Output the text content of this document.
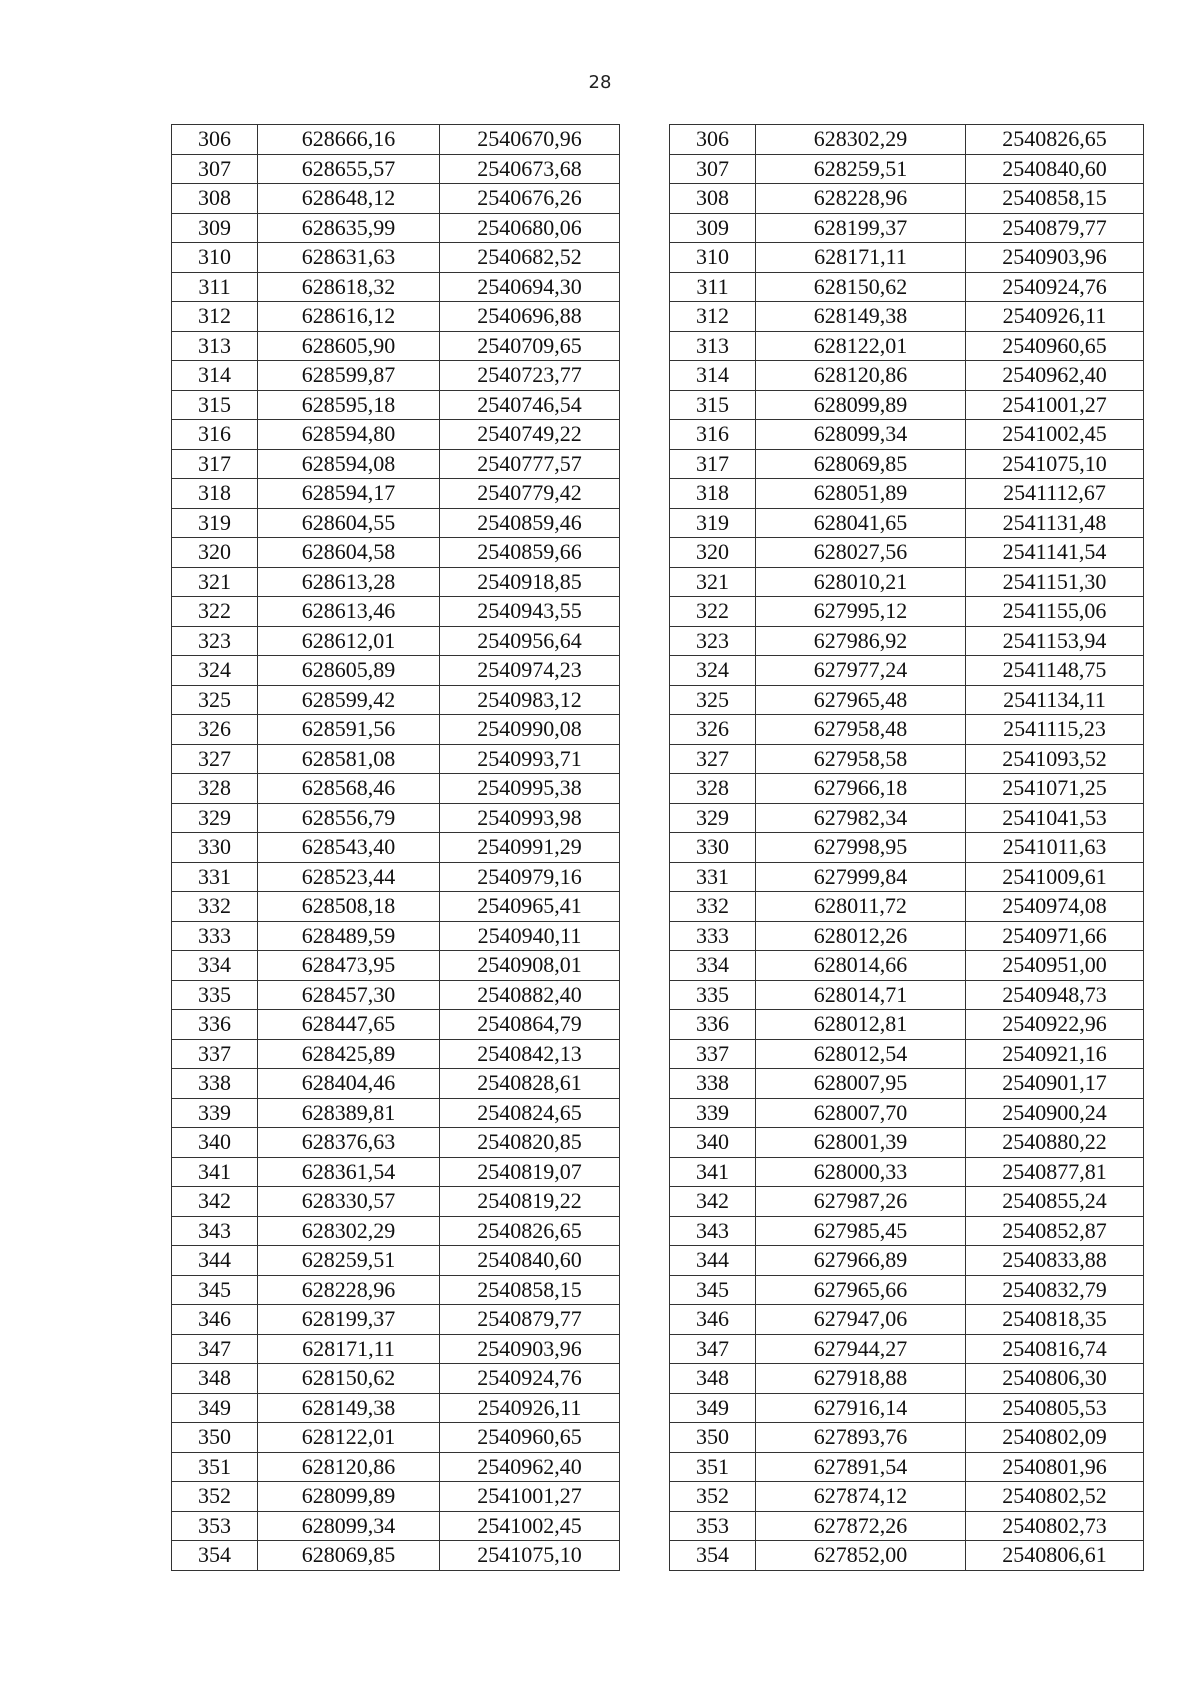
28
306	628666,16	2540670,96		306	628302,29	2540826,65
307	628655,57	2540673,68		307	628259,51	2540840,60
308	628648,12	2540676,26		308	628228,96	2540858,15
309	628635,99	2540680,06		309	628199,37	2540879,77
310	628631,63	2540682,52		310	628171,11	2540903,96
311	628618,32	2540694,30		311	628150,62	2540924,76
312	628616,12	2540696,88		312	628149,38	2540926,11
313	628605,90	2540709,65		313	628122,01	2540960,65
314	628599,87	2540723,77		314	628120,86	2540962,40
315	628595,18	2540746,54		315	628099,89	2541001,27
316	628594,80	2540749,22		316	628099,34	2541002,45
317	628594,08	2540777,57		317	628069,85	2541075,10
318	628594,17	2540779,42		318	628051,89	2541112,67
319	628604,55	2540859,46		319	628041,65	2541131,48
320	628604,58	2540859,66		320	628027,56	2541141,54
321	628613,28	2540918,85		321	628010,21	2541151,30
322	628613,46	2540943,55		322	627995,12	2541155,06
323	628612,01	2540956,64		323	627986,92	2541153,94
324	628605,89	2540974,23		324	627977,24	2541148,75
325	628599,42	2540983,12		325	627965,48	2541134,11
326	628591,56	2540990,08		326	627958,48	2541115,23
327	628581,08	2540993,71		327	627958,58	2541093,52
328	628568,46	2540995,38		328	627966,18	2541071,25
329	628556,79	2540993,98		329	627982,34	2541041,53
330	628543,40	2540991,29		330	627998,95	2541011,63
331	628523,44	2540979,16		331	627999,84	2541009,61
332	628508,18	2540965,41		332	628011,72	2540974,08
333	628489,59	2540940,11		333	628012,26	2540971,66
334	628473,95	2540908,01		334	628014,66	2540951,00
335	628457,30	2540882,40		335	628014,71	2540948,73
336	628447,65	2540864,79		336	628012,81	2540922,96
337	628425,89	2540842,13		337	628012,54	2540921,16
338	628404,46	2540828,61		338	628007,95	2540901,17
339	628389,81	2540824,65		339	628007,70	2540900,24
340	628376,63	2540820,85		340	628001,39	2540880,22
341	628361,54	2540819,07		341	628000,33	2540877,81
342	628330,57	2540819,22		342	627987,26	2540855,24
343	628302,29	2540826,65		343	627985,45	2540852,87
344	628259,51	2540840,60		344	627966,89	2540833,88
345	628228,96	2540858,15		345	627965,66	2540832,79
346	628199,37	2540879,77		346	627947,06	2540818,35
347	628171,11	2540903,96		347	627944,27	2540816,74
348	628150,62	2540924,76		348	627918,88	2540806,30
349	628149,38	2540926,11		349	627916,14	2540805,53
350	628122,01	2540960,65		350	627893,76	2540802,09
351	628120,86	2540962,40		351	627891,54	2540801,96
352	628099,89	2541001,27		352	627874,12	2540802,52
353	628099,34	2541002,45		353	627872,26	2540802,73
354	628069,85	2541075,10		354	627852,00	2540806,61
